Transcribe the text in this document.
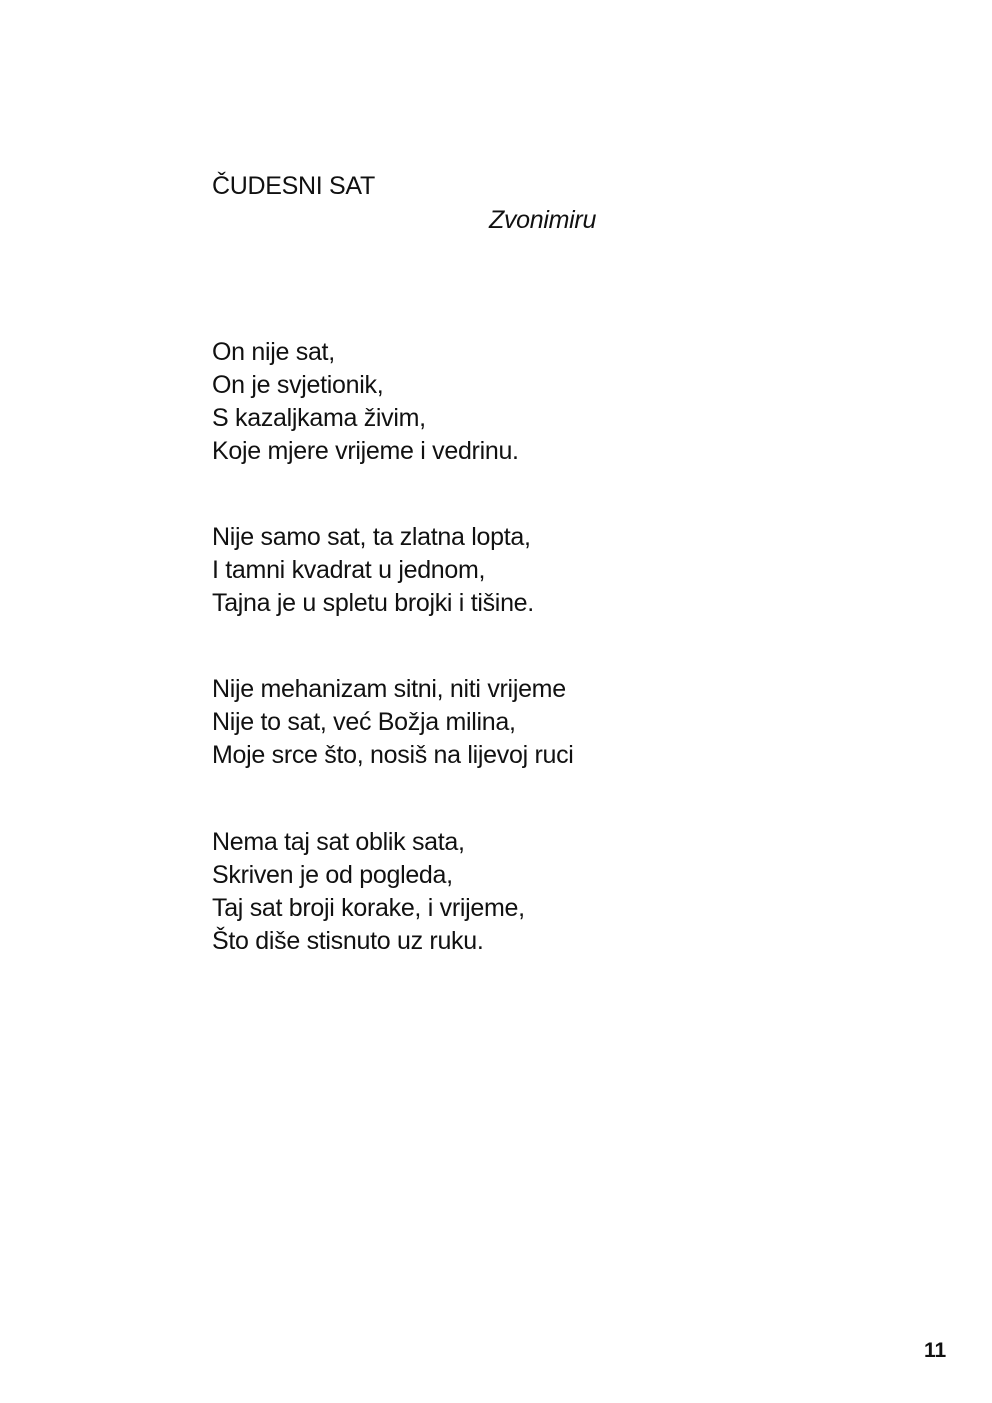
ČUDESNI SAT

Zvonimiru

On nije sat,
On je svjetionik,
S kazaljkama živim,
Koje mjere vrijeme i vedrinu.
Nije samo sat, ta zlatna lopta,
I tamni kvadrat u jednom,
Tajna je u spletu brojki i tišine.
Nije mehanizam sitni, niti vrijeme
Nije to sat, već Božja milina,
Moje srce što, nosiš na lijevoj ruci
Nema taj sat oblik sata,
Skriven je od pogleda,
Taj sat broji korake, i vrijeme,
Što diše stisnuto uz ruku.
11
